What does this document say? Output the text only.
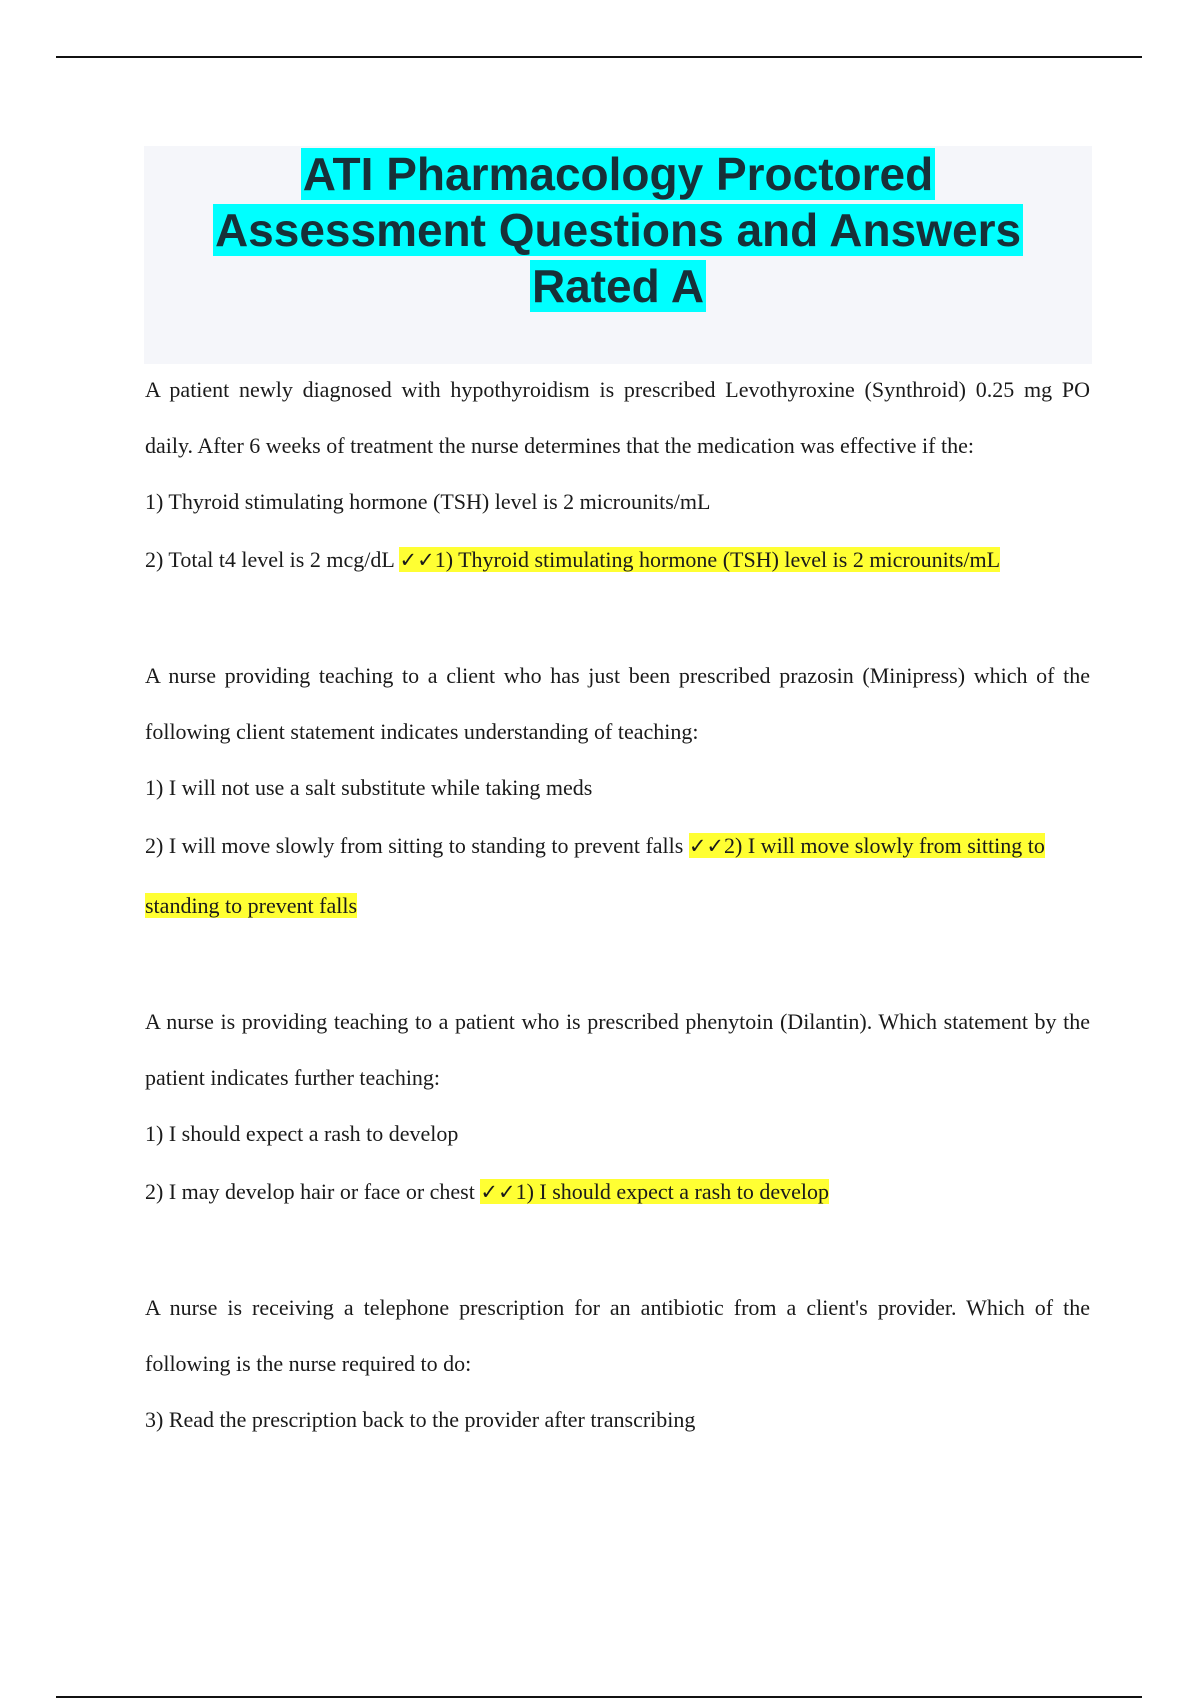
ATI Pharmacology Proctored
Assessment Questions and Answers
Rated A

A patient newly diagnosed with hypothyroidism is prescribed Levothyroxine (Synthroid) 0.25 mg PO daily. After 6 weeks of treatment the nurse determines that the medication was effective if the:

1) Thyroid stimulating hormone (TSH) level is 2 microunits/mL

2) Total t4 level is 2 mcg/dL ✓✓1) Thyroid stimulating hormone (TSH) level is 2 microunits/mL

A nurse providing teaching to a client who has just been prescribed prazosin (Minipress) which of the following client statement indicates understanding of teaching:

1) I will not use a salt substitute while taking meds

2) I will move slowly from sitting to standing to prevent falls ✓✓2) I will move slowly from sitting to standing to prevent falls

A nurse is providing teaching to a patient who is prescribed phenytoin (Dilantin). Which statement by the patient indicates further teaching:

1) I should expect a rash to develop

2) I may develop hair or face or chest ✓✓1) I should expect a rash to develop

A nurse is receiving a telephone prescription for an antibiotic from a client's provider. Which of the following is the nurse required to do:

3) Read the prescription back to the provider after transcribing
